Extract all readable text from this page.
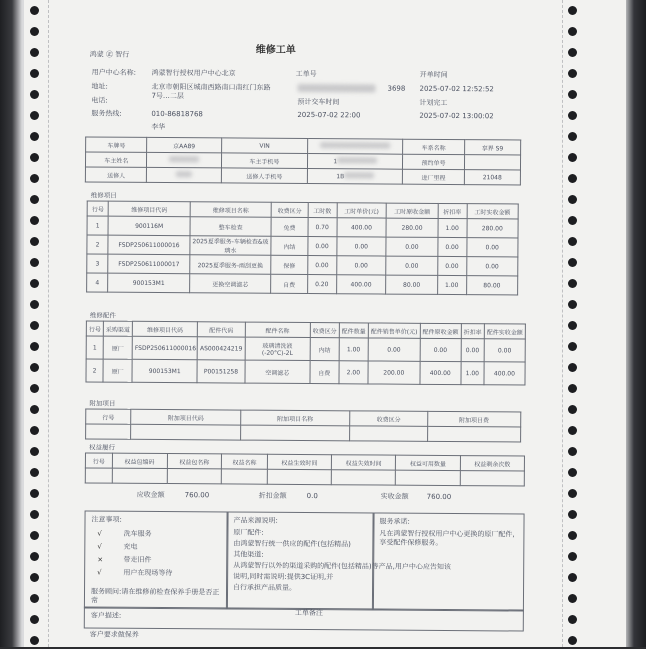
鸿蒙 ㊣ 智行	维修工单
用户中心名称: 鸿蒙智行授权用户中心北京
地址:	北京市朝阳区城南西路南口南红门东路7号…二层
电话:
服务热线:	010-86818768
李华
工单号
3698
预计交车时间
2025-07-02 22:00
开单时间
2025-07-02 12:52:52
计划完工
2025-07-02 13:00:02
车牌号	京AA89	VIN		车系名称	享界 S9
车主姓名		车主手机号	1	预约单号	
送修人		送修人手机号	1B	进厂里程	21048
维修项目
行号	维修项目代码	维修项目名称	收费区分	工时数	工时单价(元)	工时原收金额	折扣率	工时实收金额
1	900116M	整车检查	免费	0.70	400.00	280.00	1.00	280.00
2	FSDP250611000016	2025夏季服务-车辆检查&玻璃水	内结	0.00	0.00	0.00	0.00	0.00
3	FSDP250611000017	2025夏季服务-雨刮更换	保修	0.00	0.00	0.00	0.00	0.00
4	900153M1	更换空调滤芯	自费	0.20	400.00	80.00	1.00	80.00
维修配件
行号	采购渠道	维修项目代码	配件代码	配件名称	收费区分	配件数量	配件销售单价(元)	配件原收金额	折扣率	配件实收金额
1	原厂	FSDP250611000016	AS000424219	玻璃清洗液(-20°C)-2L	内结	1.00	0.00	0.00	0.00	0.00
2	原厂	900153M1	P00151258	空调滤芯	自费	2.00	200.00	400.00	1.00	400.00
附加项目
行号	附加项目代码	附加项目名称	收费区分	附加项目费

权益履行
行号	权益包编码	权益包名称	权益名称	权益生效时间	权益失效时间	权益可用数量	权益剩余次数

应收金额	760.00	折扣金额	0.0	实收金额	760.00
注意事项:
√	洗车服务
√	充电
×	带走旧件
√	用户在现场等待
服务顾问:请在维修前检查保养手册是否正常
产品来源说明:
原厂配件:
由鸿蒙智行统一供应的配件(包括精品)
其他渠道:
从鸿蒙智行以外的渠道采购的配件(包括精品)等产品,用户中心应告知该
说明,同时需说明:提供3C证明,并
自行承担产品质量。
服务承诺:
凡在鸿蒙智行授权用户中心更换的原厂配件,享受配件保修服务。
客户描述:	工单备注
客户要求做保养
